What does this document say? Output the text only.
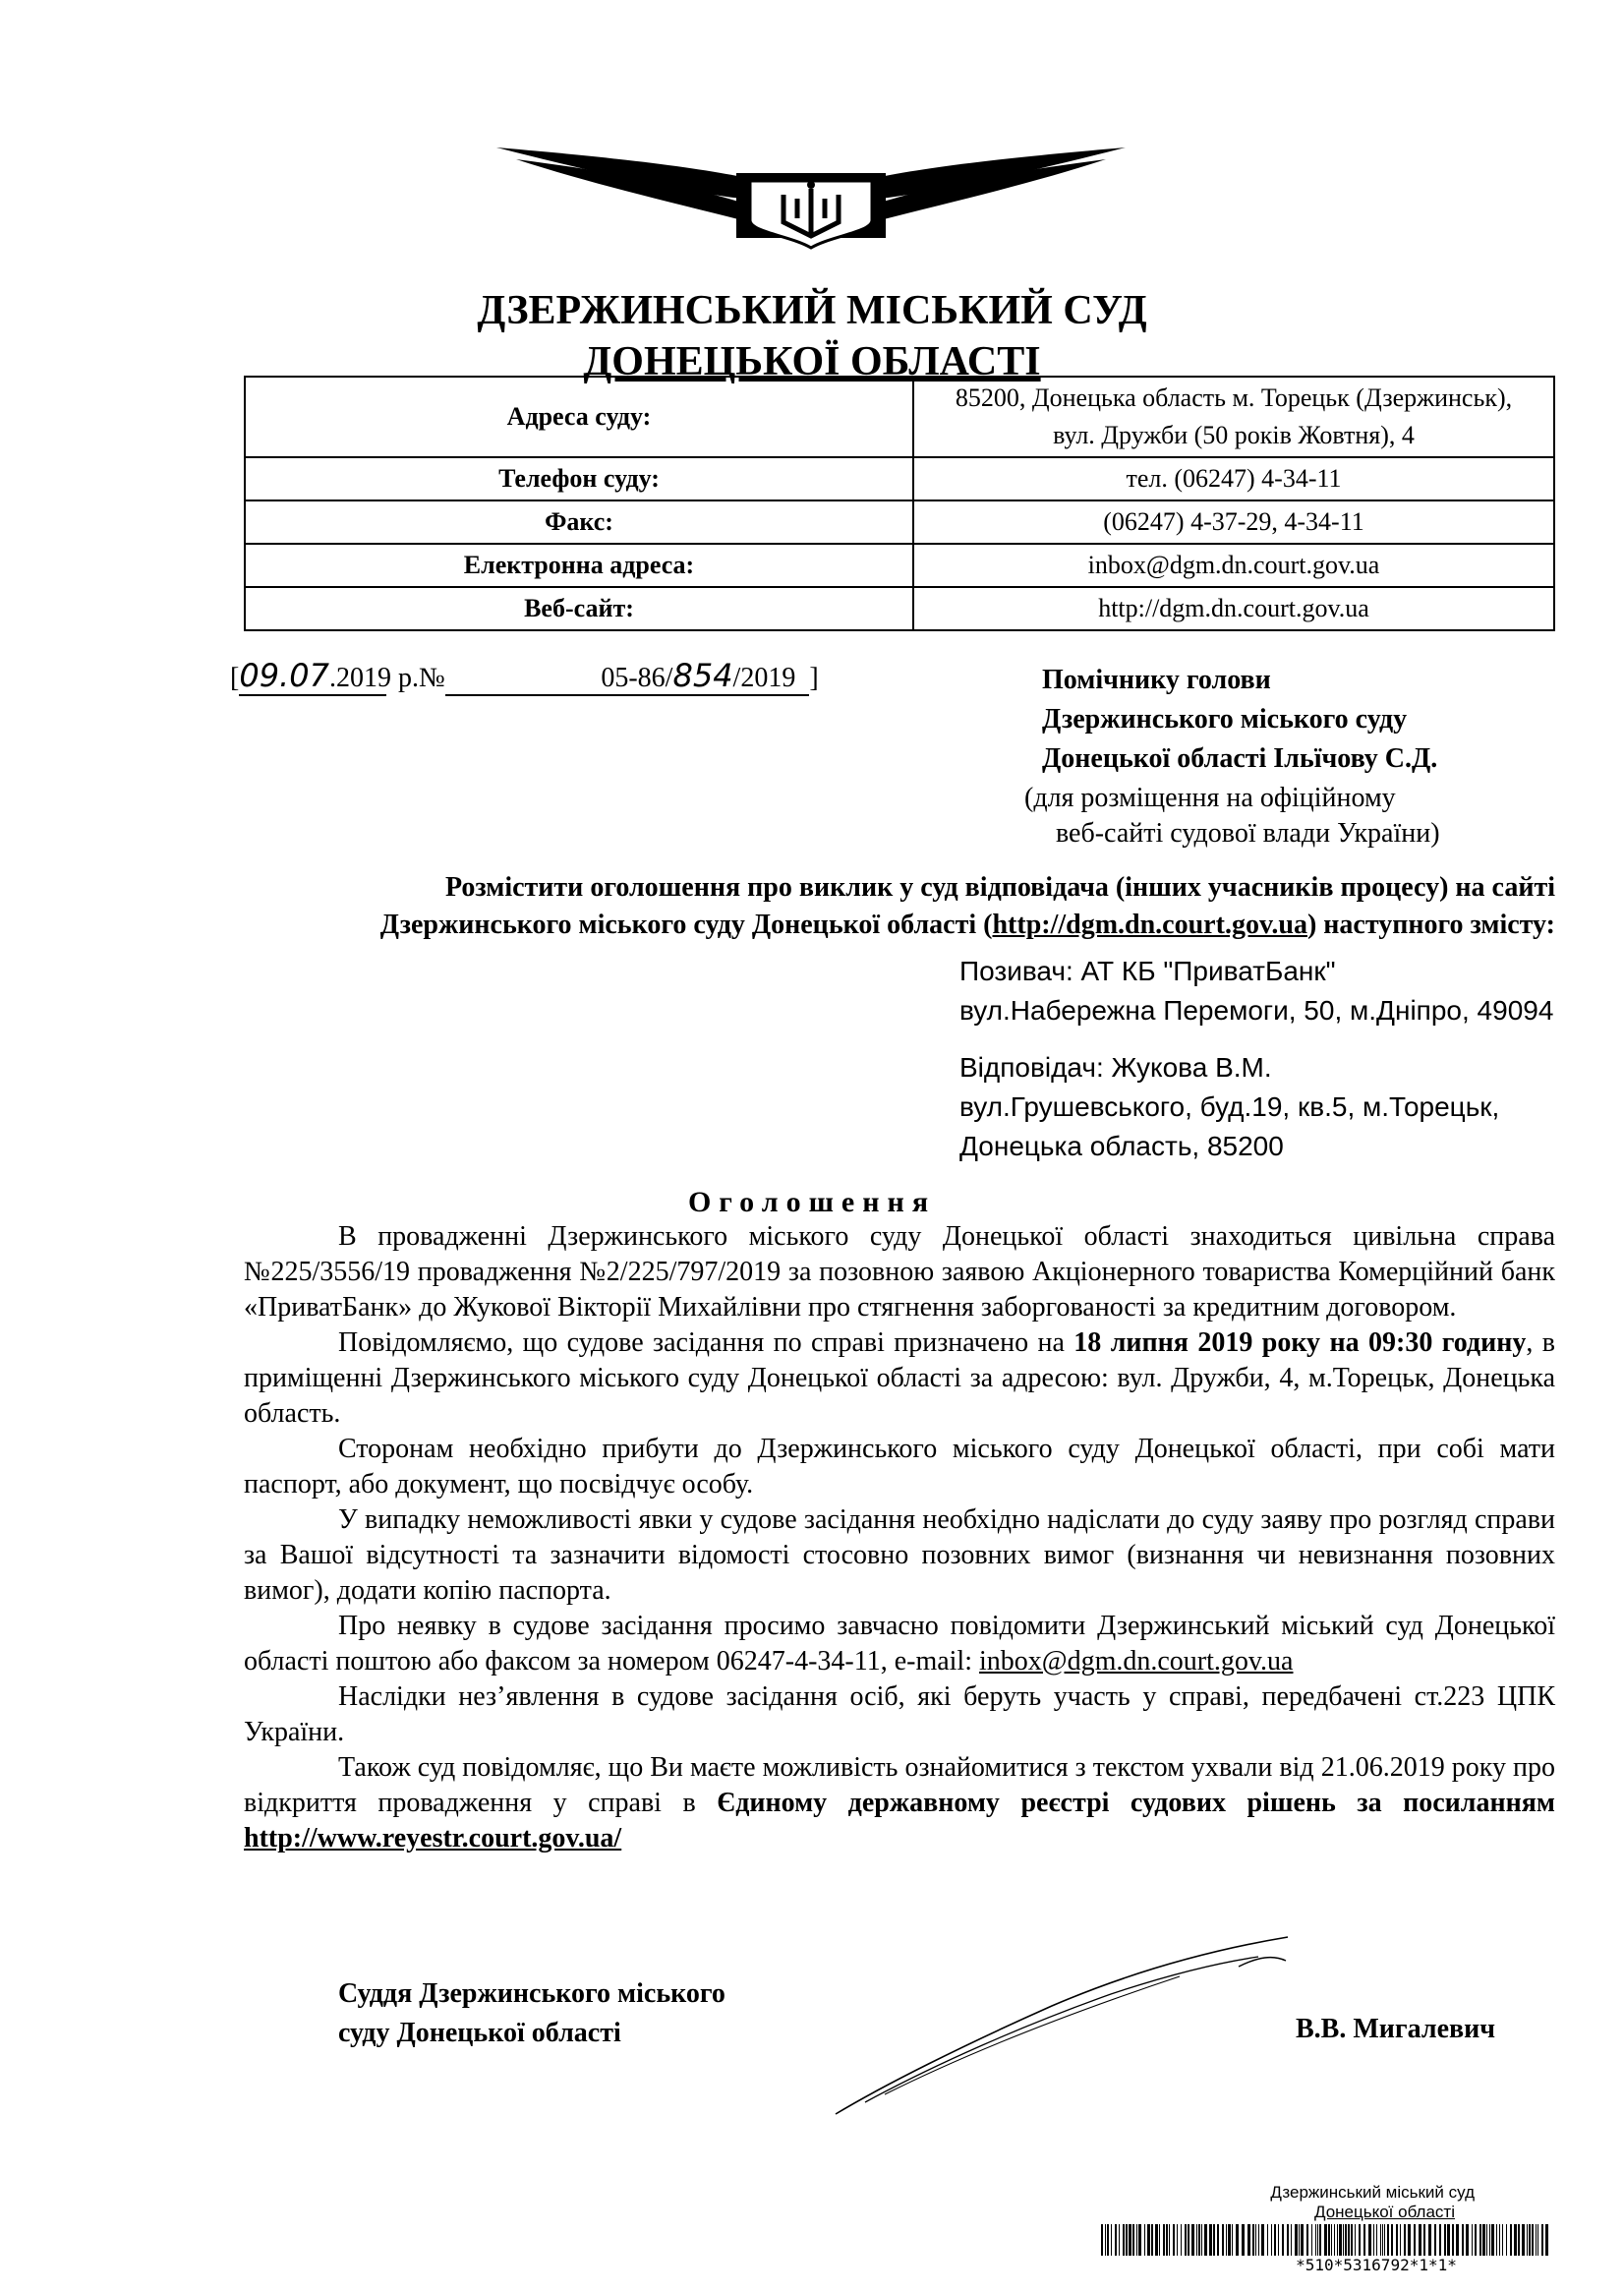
ДЗЕРЖИНСЬКИЙ МІСЬКИЙ СУД
ДОНЕЦЬКОЇ ОБЛАСТІ
Адреса суду:	85200, Донецька область м. Торецьк (Дзержинськ),
вул. Дружби (50 років Жовтня), 4

Телефон суду:	тел. (06247) 4-34-11
Факс:	(06247) 4-37-29, 4-34-11
Електронна адреса:	inbox@dgm.dn.court.gov.ua
Веб-сайт:	http://dgm.dn.court.gov.ua
[09.07.2019 р.№	05-86/854/2019 ]	Помічнику голови
Дзержинського міського суду
Донецької області Ільїчову С.Д.
(для розміщення на офіційному
веб-сайті судової влади України)
Розмістити оголошення про виклик у суд відповідача (інших учасників процесу) на сайті
Дзержинського міського суду Донецької області (http://dgm.dn.court.gov.ua) наступного змісту:
Позивач: АТ КБ "ПриватБанк"
вул.Набережна Перемоги, 50, м.Дніпро, 49094
Відповідач: Жукова В.М.
вул.Грушевського, буд.19, кв.5, м.Торецьк,
Донецька область, 85200
Оголошення

В провадженні Дзержинського міського суду Донецької області знаходиться цивільна справа №225/3556/19 провадження №2/225/797/2019 за позовною заявою Акціонерного товариства Комерційний банк «ПриватБанк» до Жукової Вікторії Михайлівни про стягнення заборгованості за кредитним договором.

Повідомляємо, що судове засідання по справі призначено на 18 липня 2019 року на 09:30 годину, в приміщенні Дзержинського міського суду Донецької області за адресою: вул. Дружби, 4, м.Торецьк, Донецька область.

Сторонам необхідно прибути до Дзержинського міського суду Донецької області, при собі мати паспорт, або документ, що посвідчує особу.

У випадку неможливості явки у судове засідання необхідно надіслати до суду заяву про розгляд справи за Вашої відсутності та зазначити відомості стосовно позовних вимог (визнання чи невизнання позовних вимог), додати копію паспорта.

Про неявку в судове засідання просимо завчасно повідомити Дзержинський міський суд Донецької області поштою або факсом за номером 06247-4-34-11, e-mail: inbox@dgm.dn.court.gov.ua

Наслідки нез’явлення в судове засідання осіб, які беруть участь у справі, передбачені ст.223 ЦПК України.

Також суд повідомляє, що Ви маєте можливість ознайомитися з текстом ухвали від 21.06.2019 року про відкриття провадження у справі в Єдиному державному реєстрі судових рішень за посиланням http://www.reyestr.court.gov.ua/

Суддя Дзержинського міського
суду Донецької області	В.В. Мигалевич
Дзержинський міський суд
Донецької області
*510*5316792*1*1*
